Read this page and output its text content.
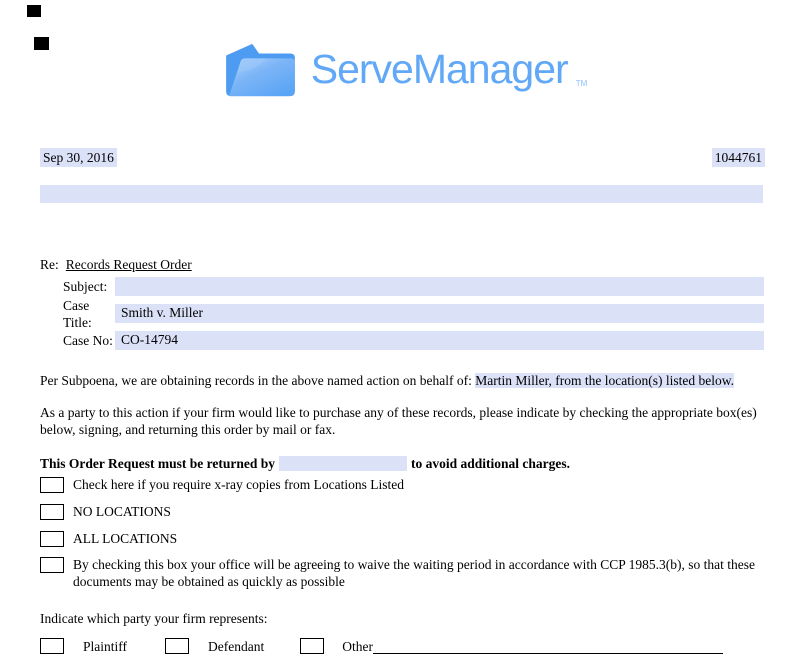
ServeManager TM
Sep 30, 2016	1044761
Re: Records Request Order
Subject:
Case Title:
Smith v. Miller
Case No: CO-14794
Per Subpoena, we are obtaining records in the above named action on behalf of: Martin Miller, from the location(s) listed below.
As a party to this action if your firm would like to purchase any of these records, please indicate by checking the appropriate box(es) below, signing, and returning this order by mail or fax.
This Order Request must be returned by	to avoid additional charges.
Check here if you require x-ray copies from Locations Listed
NO LOCATIONS
ALL LOCATIONS
By checking this box your office will be agreeing to waive the waiting period in accordance with CCP 1985.3(b), so that these documents may be obtained as quickly as possible
Indicate which party your firm represents:
Plaintiff	Defendant	Other
